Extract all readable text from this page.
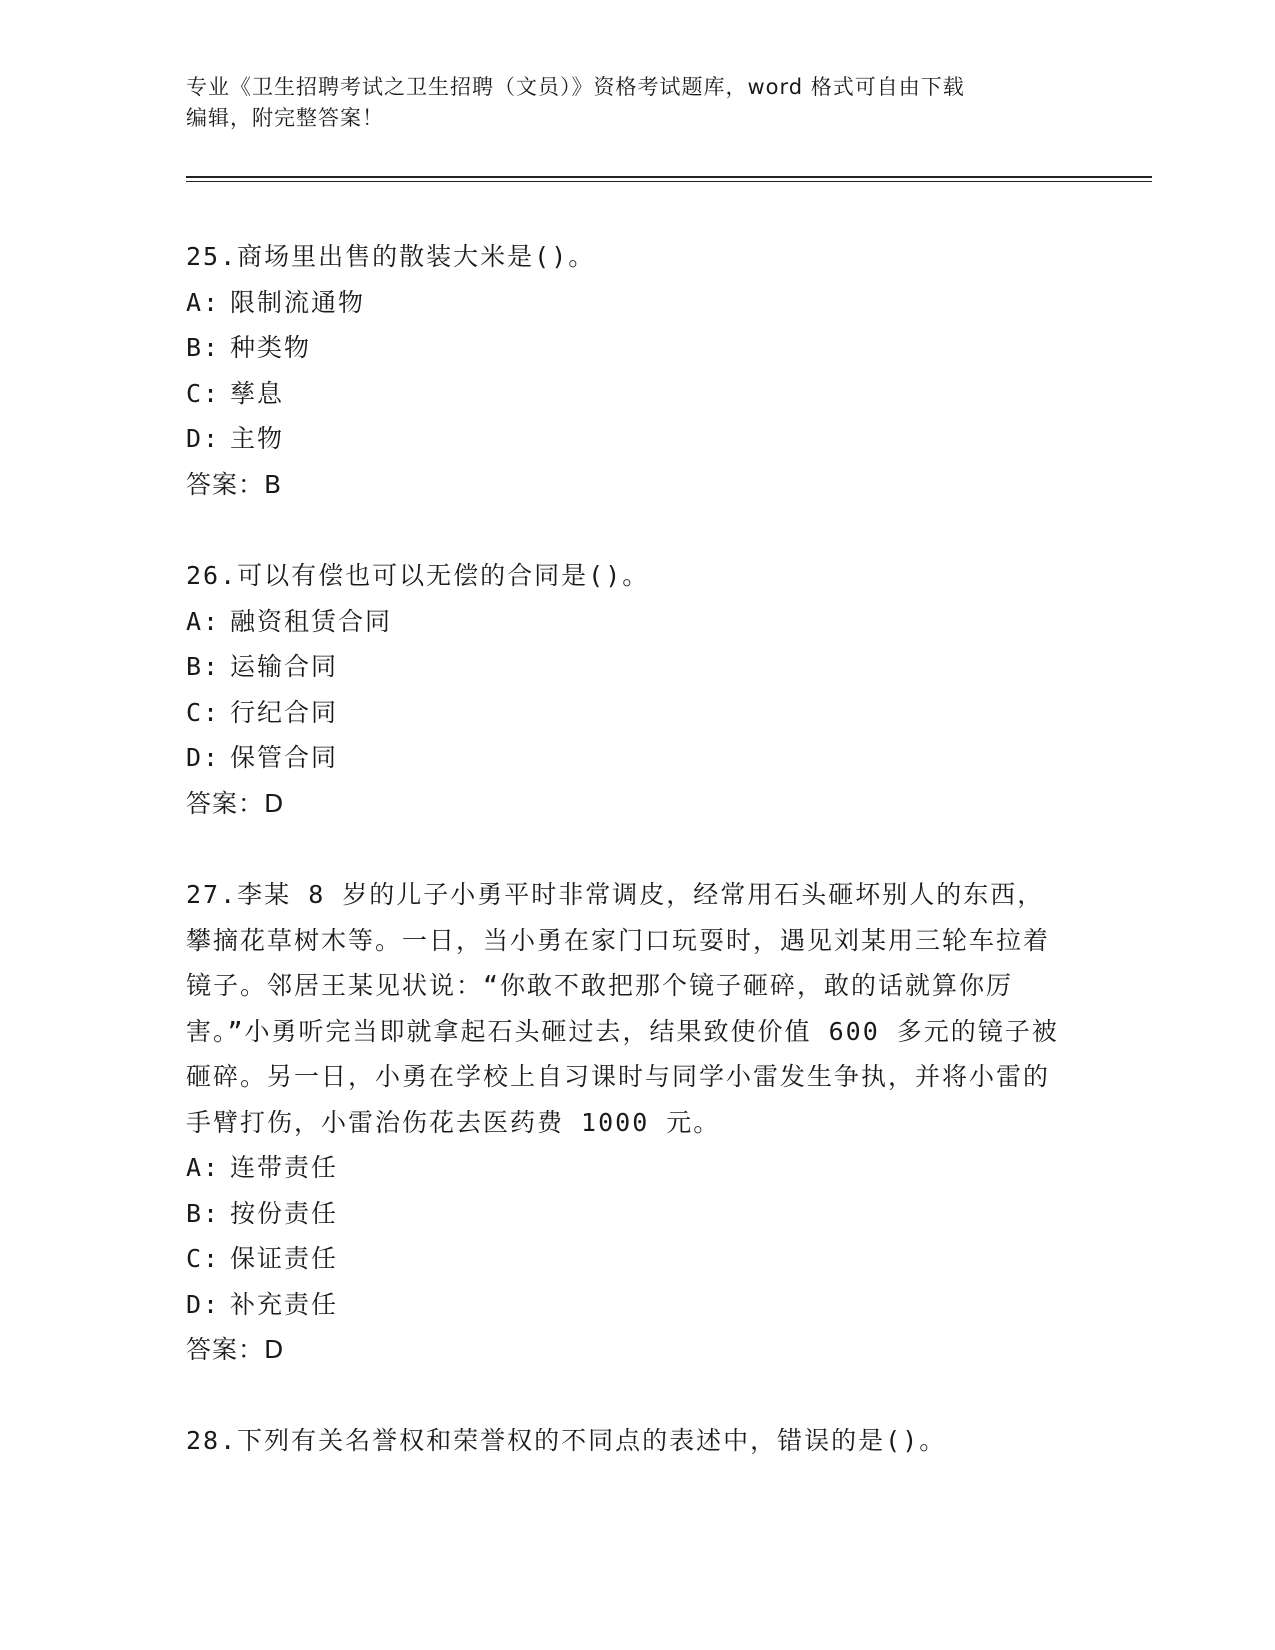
专业《卫生招聘考试之卫生招聘（文员）》资格考试题库，word 格式可自由下载
编辑，附完整答案！
25.商场里出售的散装大米是()。
A: 限制流通物
B: 种类物
C: 孳息
D: 主物
答案：B
26.可以有偿也可以无偿的合同是()。
A: 融资租赁合同
B: 运输合同
C: 行纪合同
D: 保管合同
答案：D
27.李某 8 岁的儿子小勇平时非常调皮，经常用石头砸坏别人的东西，攀摘花草树木等。一日，当小勇在家门口玩耍时，遇见刘某用三轮车拉着镜子。邻居王某见状说：“你敢不敢把那个镜子砸碎，敢的话就算你厉害。”小勇听完当即就拿起石头砸过去，结果致使价值 600 多元的镜子被砸碎。另一日，小勇在学校上自习课时与同学小雷发生争执，并将小雷的手臂打伤，小雷治伤花去医药费 1000 元。
A: 连带责任
B: 按份责任
C: 保证责任
D: 补充责任
答案：D
28.下列有关名誉权和荣誉权的不同点的表述中，错误的是()。
